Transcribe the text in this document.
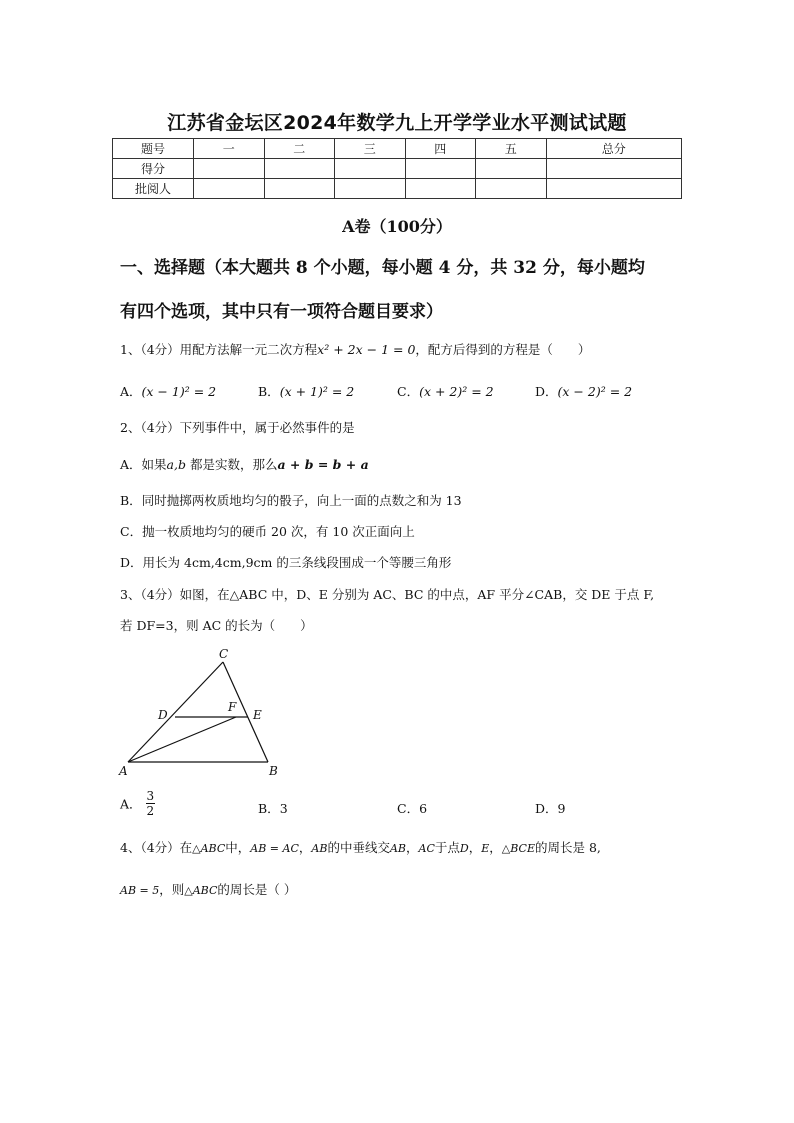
江苏省金坛区2024年数学九上开学学业水平测试试题
题号	一	二	三	四	五	总分
得分						
批阅人						
A卷（100分）
一、选择题（本大题共 8 个小题，每小题 4 分，共 32 分，每小题均
有四个选项，其中只有一项符合题目要求）
1、（4分）用配方法解一元二次方程x² + 2x − 1 = 0，配方后得到的方程是（　　）
A．(x − 1)² = 2	B．(x + 1)² = 2	C．(x + 2)² = 2	D．(x − 2)² = 2
2、（4分）下列事件中，属于必然事件的是
A．如果a,b 都是实数，那么a + b = b + a
B．同时抛掷两枚质地均匀的骰子，向上一面的点数之和为 13
C．抛一枚质地均匀的硬币 20 次，有 10 次正面向上
D．用长为 4cm,4cm,9cm 的三条线段围成一个等腰三角形
3、（4分）如图，在△ABC 中，D、E 分别为 AC、BC 的中点，AF 平分∠CAB，交 DE 于点 F,
若 DF=3，则 AC 的长为（　　）
C
D
F
E
A	B
A． $\frac{3}{2}$	B．3	C．6	D．9
4、（4分）在△ABC中，AB = AC，AB的中垂线交AB，AC于点D，E，△BCE的周长是 8,
AB = 5，则△ABC的周长是（ ）
